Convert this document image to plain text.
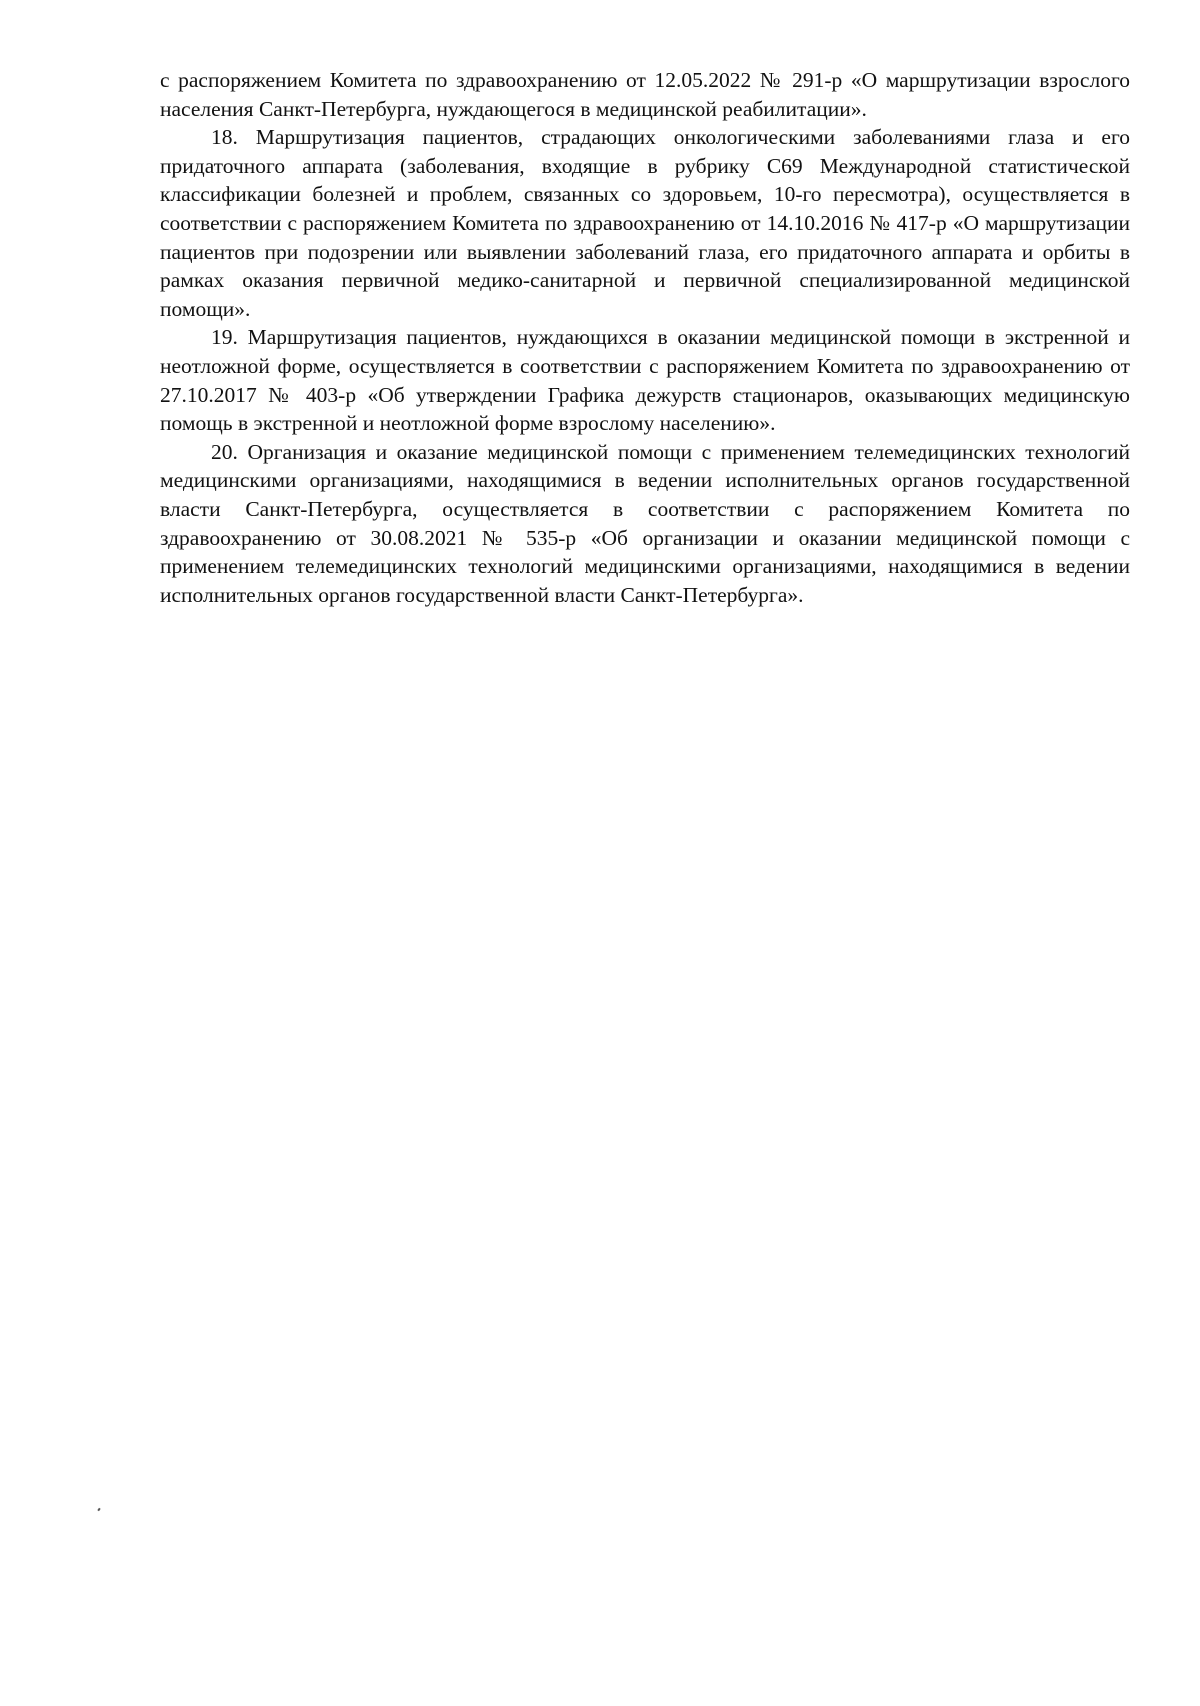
с распоряжением Комитета по здравоохранению от 12.05.2022 № 291-р «О маршрутизации взрослого населения Санкт-Петербурга, нуждающегося в медицинской реабилитации».

18. Маршрутизация пациентов, страдающих онкологическими заболеваниями глаза и его придаточного аппарата (заболевания, входящие в рубрику C69 Международной статистической классификации болезней и проблем, связанных со здоровьем, 10-го пересмотра), осуществляется в соответствии с распоряжением Комитета по здравоохранению от 14.10.2016 № 417-р «О маршрутизации пациентов при подозрении или выявлении заболеваний глаза, его придаточного аппарата и орбиты в рамках оказания первичной медико-санитарной и первичной специализированной медицинской помощи».

19. Маршрутизация пациентов, нуждающихся в оказании медицинской помощи в экстренной и неотложной форме, осуществляется в соответствии с распоряжением Комитета по здравоохранению от 27.10.2017 № 403-р «Об утверждении Графика дежурств стационаров, оказывающих медицинскую помощь в экстренной и неотложной форме взрослому населению».

20. Организация и оказание медицинской помощи с применением телемедицинских технологий медицинскими организациями, находящимися в ведении исполнительных органов государственной власти Санкт-Петербурга, осуществляется в соответствии с распоряжением Комитета по здравоохранению от 30.08.2021 № 535-р «Об организации и оказании медицинской помощи с применением телемедицинских технологий медицинскими организациями, находящимися в ведении исполнительных органов государственной власти Санкт-Петербурга».
